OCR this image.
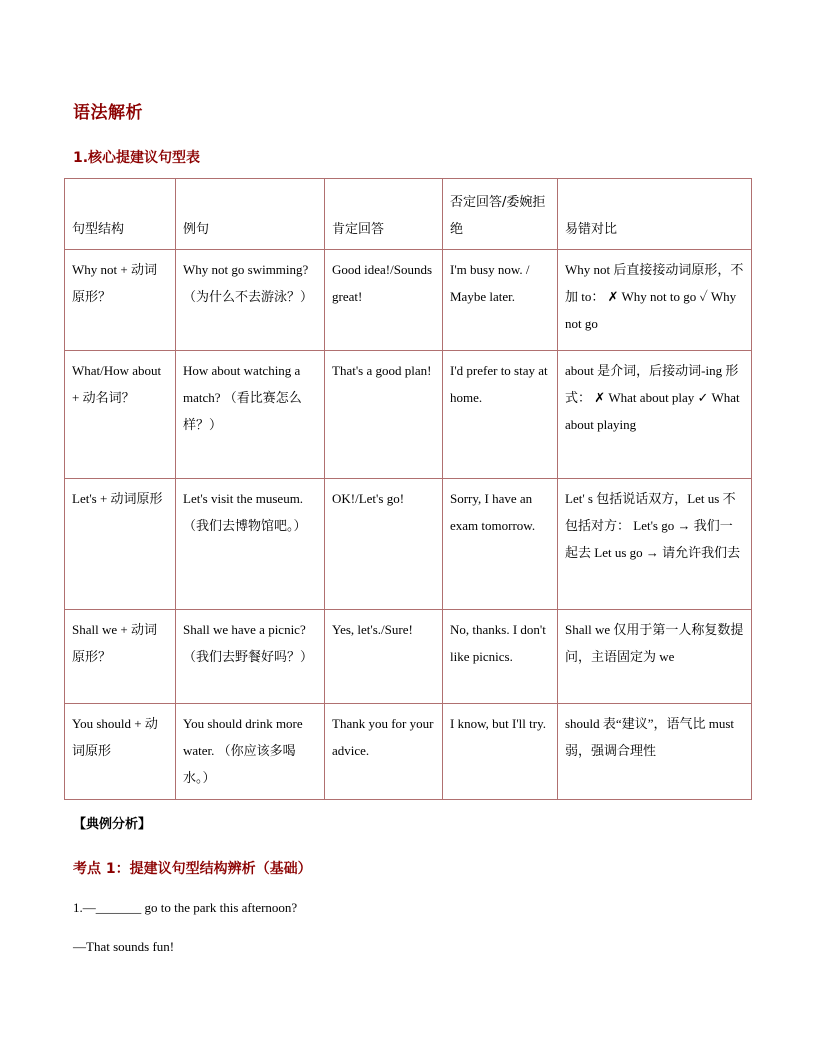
语法解析
1.核心提建议句型表
句型结构	例句	肯定回答	否定回答/委婉拒绝	易错对比
Why not + 动词原形？	Why not go swimming? （为什么不去游泳？）	Good idea!/Sounds great!	I'm busy now. / Maybe later.	Why not 后直接接动词原形，不加 to： ✗ Why not to go ✓ Why not go
What/How about + 动名词？	How about watching a match? （看比赛怎么样？）	That's a good plan!	I'd prefer to stay at home.	about 是介词，后接动词-ing 形式： ✗ What about play ✓ What about playing
Let's + 动词原形	Let's visit the museum. （我们去博物馆吧。）	OK!/Let's go!	Sorry, I have an exam tomorrow.	Let' s 包括说话双方，Let us 不包括对方： Let's go → 我们一起去 Let us go → 请允许我们去
Shall we + 动词原形？	Shall we have a picnic? （我们去野餐好吗？）	Yes, let's./Sure!	No, thanks. I don't like picnics.	Shall we 仅用于第一人称复数提问，主语固定为 we
You should + 动词原形	You should drink more water. （你应该多喝水。）	Thank you for your advice.	I know, but I'll try.	should 表“建议”，语气比 must 弱，强调合理性

【典例分析】

考点 1：提建议句型结构辨析（基础）

1.—_______ go to the park this afternoon?

—That sounds fun!
